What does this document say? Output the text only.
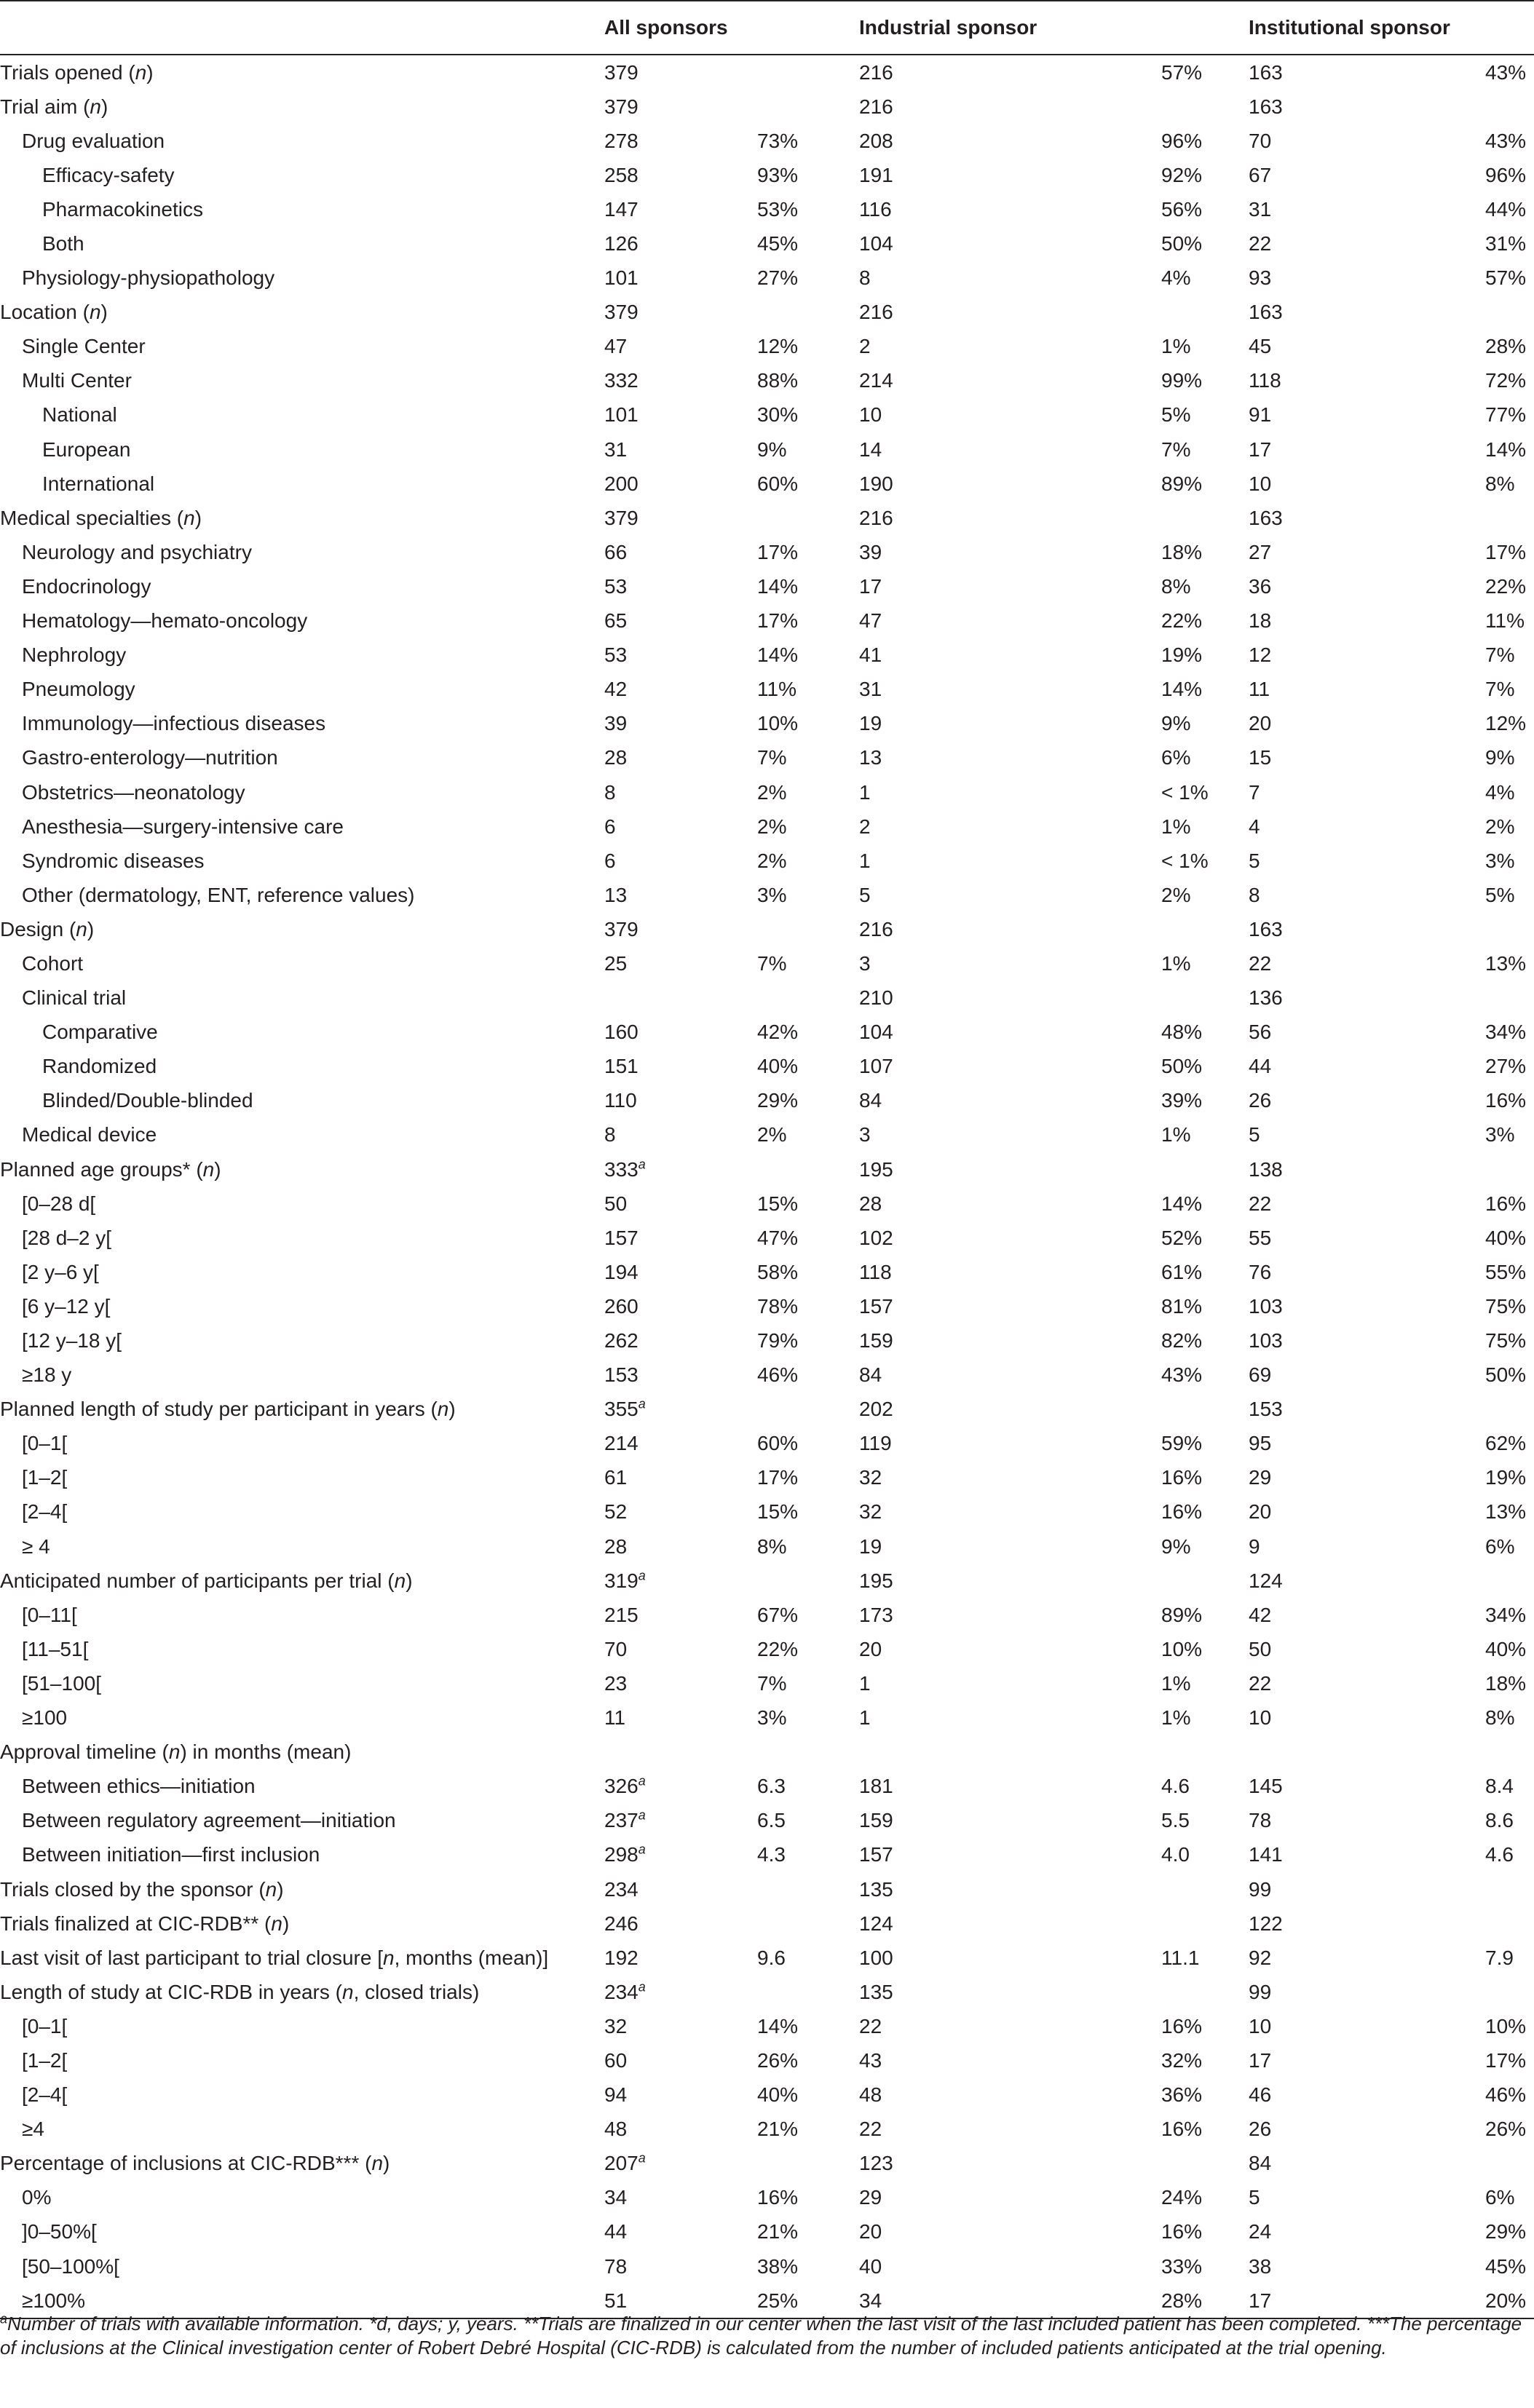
	All sponsors		Industrial sponsor		Institutional sponsor	
Trials opened (n)	379		216	57%	163	43%
Trial aim (n)	379		216		163	
Drug evaluation	278	73%	208	96%	70	43%
Efficacy-safety	258	93%	191	92%	67	96%
Pharmacokinetics	147	53%	116	56%	31	44%
Both	126	45%	104	50%	22	31%
Physiology-physiopathology	101	27%	8	4%	93	57%
Location (n)	379		216		163	
Single Center	47	12%	2	1%	45	28%
Multi Center	332	88%	214	99%	118	72%
National	101	30%	10	5%	91	77%
European	31	9%	14	7%	17	14%
International	200	60%	190	89%	10	8%
Medical specialties (n)	379		216		163	
Neurology and psychiatry	66	17%	39	18%	27	17%
Endocrinology	53	14%	17	8%	36	22%
Hematology—hemato-oncology	65	17%	47	22%	18	11%
Nephrology	53	14%	41	19%	12	7%
Pneumology	42	11%	31	14%	11	7%
Immunology—infectious diseases	39	10%	19	9%	20	12%
Gastro-enterology—nutrition	28	7%	13	6%	15	9%
Obstetrics—neonatology	8	2%	1	< 1%	7	4%
Anesthesia—surgery-intensive care	6	2%	2	1%	4	2%
Syndromic diseases	6	2%	1	< 1%	5	3%
Other (dermatology, ENT, reference values)	13	3%	5	2%	8	5%
Design (n)	379		216		163	
Cohort	25	7%	3	1%	22	13%
Clinical trial			210		136	
Comparative	160	42%	104	48%	56	34%
Randomized	151	40%	107	50%	44	27%
Blinded/Double-blinded	110	29%	84	39%	26	16%
Medical device	8	2%	3	1%	5	3%
Planned age groups* (n)	333$^a$		195		138	
[0–28 d[	50	15%	28	14%	22	16%
[28 d–2 y[	157	47%	102	52%	55	40%
[2 y–6 y[	194	58%	118	61%	76	55%
[6 y–12 y[	260	78%	157	81%	103	75%
[12 y–18 y[	262	79%	159	82%	103	75%
≥18 y	153	46%	84	43%	69	50%
Planned length of study per participant in years (n)	355$^a$		202		153	
[0–1[	214	60%	119	59%	95	62%
[1–2[	61	17%	32	16%	29	19%
[2–4[	52	15%	32	16%	20	13%
≥ 4	28	8%	19	9%	9	6%
Anticipated number of participants per trial (n)	319$^a$		195		124	
[0–11[	215	67%	173	89%	42	34%
[11–51[	70	22%	20	10%	50	40%
[51–100[	23	7%	1	1%	22	18%
≥100	11	3%	1	1%	10	8%
Approval timeline (n) in months (mean)						
Between ethics—initiation	326$^a$	6.3	181	4.6	145	8.4
Between regulatory agreement—initiation	237$^a$	6.5	159	5.5	78	8.6
Between initiation—first inclusion	298$^a$	4.3	157	4.0	141	4.6
Trials closed by the sponsor (n)	234		135		99	
Trials finalized at CIC-RDB** (n)	246		124		122	
Last visit of last participant to trial closure [n, months (mean)]	192	9.6	100	11.1	92	7.9
Length of study at CIC-RDB in years (n, closed trials)	234$^a$		135		99	
[0–1[	32	14%	22	16%	10	10%
[1–2[	60	26%	43	32%	17	17%
[2–4[	94	40%	48	36%	46	46%
≥4	48	21%	22	16%	26	26%
Percentage of inclusions at CIC-RDB*** (n)	207$^a$		123		84	
0%	34	16%	29	24%	5	6%
]0–50%[	44	21%	20	16%	24	29%
[50–100%[	78	38%	40	33%	38	45%
≥100%	51	25%	34	28%	17	20%
$^a$Number of trials with available information. *d, days; y, years. **Trials are finalized in our center when the last visit of the last included patient has been completed. ***The percentage of inclusions at the Clinical investigation center of Robert Debré Hospital (CIC-RDB) is calculated from the number of included patients anticipated at the trial opening.
